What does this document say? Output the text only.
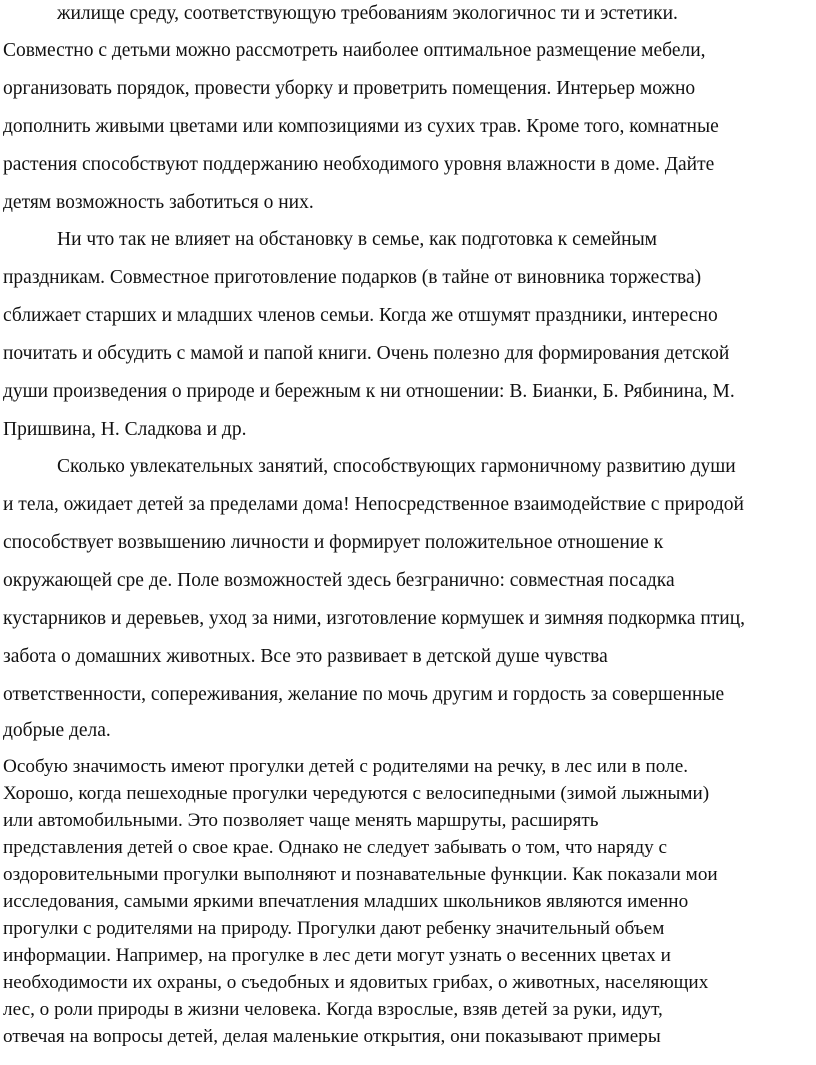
жилище среду, соответствующую требованиям экологичнос ти и эстетики.
Совместно с детьми можно рассмотреть наиболее оптимальное размещение мебели,
организовать порядок, провести уборку и проветрить помещения. Интерьер можно
дополнить живыми цветами или композициями из сухих трав. Кроме того, комнатные
растения способствуют поддержанию необходимого уровня влажности в доме. Дайте
детям возможность заботиться о них.
Ни что так не влияет на обстановку в семье, как подготовка к семейным
праздникам. Совместное приготовление подарков (в тайне от виновника торжества)
сближает старших и младших членов семьи. Когда же отшумят праздники, интересно
почитать и обсудить с мамой и папой книги. Очень полезно для формирования детской
души произведения о природе и бережным к ни отношении: В. Бианки, Б. Рябинина, М.
Пришвина, Н. Сладкова и др.
Сколько увлекательных занятий, способствующих гармоничному развитию души
и тела, ожидает детей за пределами дома! Непосредственное взаимодействие с природой
способствует возвышению личности и формирует положительное отношение к
окружающей сре де. Поле возможностей здесь безгранично: совместная посадка
кустарников и деревьев, уход за ними, изготовление кормушек и зимняя подкормка птиц,
забота о домашних животных. Все это развивает в детской душе чувства
ответственности, сопереживания, желание по мочь другим и гордость за совершенные
добрые дела.
Особую значимость имеют прогулки детей с родителями на речку, в лес или в поле.
Хорошо, когда пешеходные прогулки чередуются с велосипедными (зимой лыжными)
или автомобильными. Это позволяет чаще менять маршруты, расширять
представления детей о свое крае. Однако не следует забывать о том, что наряду с
оздоровительными прогулки выполняют и познавательные функции. Как показали мои
исследования, самыми яркими впечатления младших школьников являются именно
прогулки с родителями на природу. Прогулки дают ребенку значительный объем
информации. Например, на прогулке в лес дети могут узнать о весенних цветах и
необходимости их охраны, о съедобных и ядовитых грибах, о животных, населяющих
лес, о роли природы в жизни человека. Когда взрослые, взяв детей за руки, идут,
отвечая на вопросы детей, делая маленькие открытия, они показывают примеры
